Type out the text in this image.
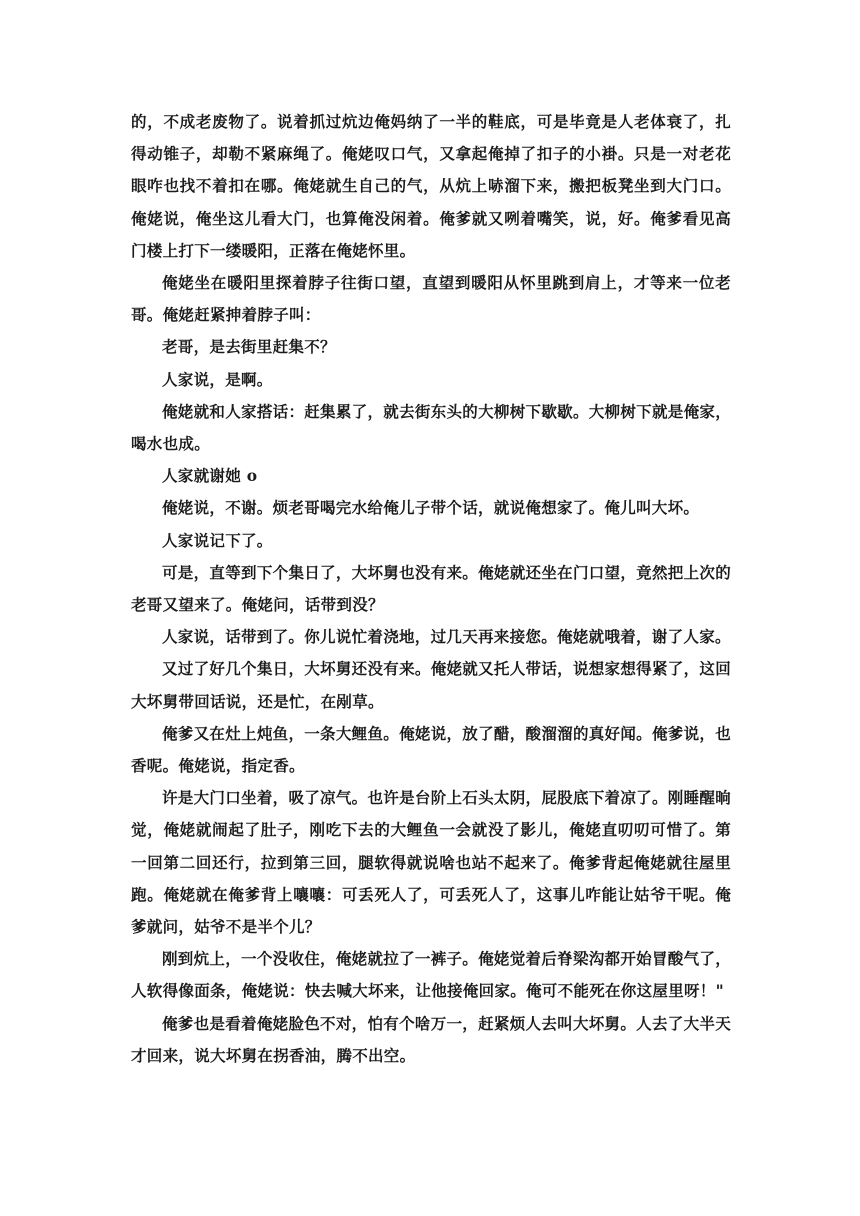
的，不成老废物了。说着抓过炕边俺妈纳了一半的鞋底，可是毕竟是人老体衰了，扎得动锥子，却勒不紧麻绳了。俺姥叹口气，又拿起俺掉了扣子的小褂。只是一对老花眼咋也找不着扣在哪。俺姥就生自己的气，从炕上哧溜下来，搬把板凳坐到大门口。俺姥说，俺坐这儿看大门，也算俺没闲着。俺爹就又咧着嘴笑，说，好。俺爹看见高门楼上打下一缕暖阳，正落在俺姥怀里。

俺姥坐在暖阳里探着脖子往街口望，直望到暖阳从怀里跳到肩上，才等来一位老哥。俺姥赶紧抻着脖子叫：

老哥，是去街里赶集不？

人家说，是啊。

俺姥就和人家搭话：赶集累了，就去街东头的大柳树下歇歇。大柳树下就是俺家，喝水也成。

人家就谢她 o

俺姥说，不谢。烦老哥喝完水给俺儿子带个话，就说俺想家了。俺儿叫大坏。

人家说记下了。

可是，直等到下个集日了，大坏舅也没有来。俺姥就还坐在门口望，竟然把上次的老哥又望来了。俺姥问，话带到没？

人家说，话带到了。你儿说忙着浇地，过几天再来接您。俺姥就哦着，谢了人家。

又过了好几个集日，大坏舅还没有来。俺姥就又托人带话，说想家想得紧了，这回大坏舅带回话说，还是忙，在剐草。

俺爹又在灶上炖鱼，一条大鲤鱼。俺姥说，放了醋，酸溜溜的真好闻。俺爹说，也香呢。俺姥说，指定香。

许是大门口坐着，吸了凉气。也许是台阶上石头太阴，屁股底下着凉了。刚睡醒晌觉，俺姥就闹起了肚子，刚吃下去的大鲤鱼一会就没了影儿，俺姥直叨叨可惜了。第一回第二回还行，拉到第三回，腿软得就说啥也站不起来了。俺爹背起俺姥就往屋里跑。俺姥就在俺爹背上嚷嚷：可丢死人了，可丢死人了，这事儿咋能让姑爷干呢。俺爹就问，姑爷不是半个儿？

刚到炕上，一个没收住，俺姥就拉了一裤子。俺姥觉着后脊梁沟都开始冒酸气了，人软得像面条，俺姥说：快去喊大坏来，让他接俺回家。俺可不能死在你这屋里呀！"

俺爹也是看着俺姥脸色不对，怕有个啥万一，赶紧烦人去叫大坏舅。人去了大半天才回来，说大坏舅在拐香油，腾不出空。
